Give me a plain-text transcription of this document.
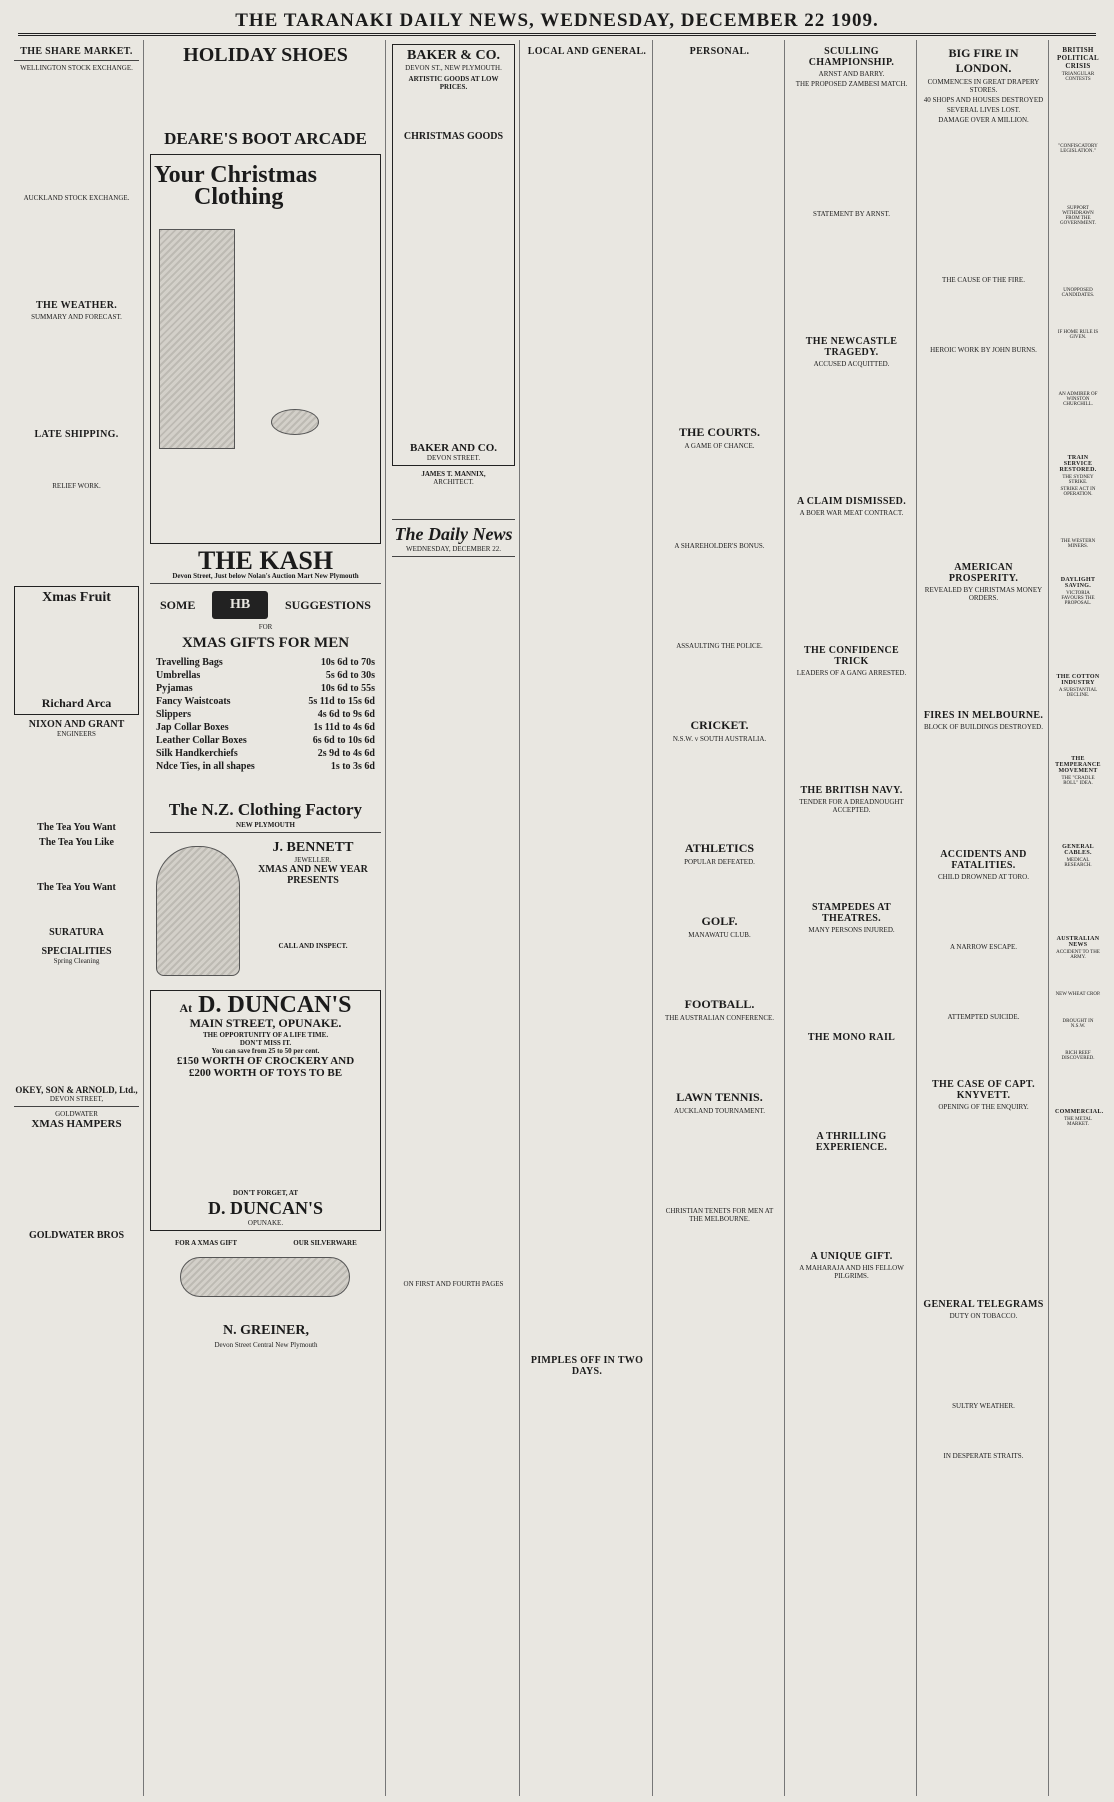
THE TARANAKI DAILY NEWS, WEDNESDAY, DECEMBER 22 1909.
THE SHARE MARKET.
WELLINGTON STOCK EXCHANGE.
AUCKLAND STOCK EXCHANGE.
THE WEATHER.
SUMMARY AND FORECAST.
LATE SHIPPING.
RELIEF WORK.
Xmas Fruit
Richard Arca
NIXON AND GRANT
ENGINEERS
The Tea You Want
The Tea You Like
The Tea You Want
SURATURA
SPECIALITIES
Spring Cleaning
OKEY, SON & ARNOLD, Ltd.,
DEVON STREET,
GOLDWATER
XMAS HAMPERS
GOLDWATER BROS
HOLIDAY SHOES
DEARE'S BOOT ARCADE
Your Christmas
Clothing
THE KASH
Devon Street, Just below Nolan's Auction Mart New Plymouth
SOME	HB	SUGGESTIONS
FOR
XMAS GIFTS FOR MEN
Travelling Bags	10s 6d to 70s
Umbrellas	5s 6d to 30s
Pyjamas	10s 6d to 55s
Fancy Waistcoats	5s 11d to 15s 6d
Slippers	4s 6d to 9s 6d
Jap Collar Boxes	1s 11d to 4s 6d
Leather Collar Boxes	6s 6d to 10s 6d
Silk Handkerchiefs	2s 9d to 4s 6d
Ndce Ties, in all shapes	1s to 3s 6d
The N.Z. Clothing Factory
NEW PLYMOUTH
J. BENNETT
JEWELLER.
XMAS AND NEW YEAR PRESENTS
CALL AND INSPECT.
At D. DUNCAN'S
MAIN STREET, OPUNAKE.
THE OPPORTUNITY OF A LIFE TIME.
DON'T MISS IT.
You can save from 25 to 50 per cent.
£150 WORTH OF CROCKERY AND
£200 WORTH OF TOYS TO BE
DON'T FORGET, AT
D. DUNCAN'S
OPUNAKE.
FOR A XMAS GIFT	OUR SILVERWARE
N. GREINER,
Devon Street Central New Plymouth
BAKER & CO.
DEVON ST., NEW PLYMOUTH.
ARTISTIC GOODS AT LOW PRICES.
CHRISTMAS GOODS
BAKER AND CO.
DEVON STREET.
JAMES T. MANNIX,
ARCHITECT.
The Daily News
WEDNESDAY, DECEMBER 22.
ON FIRST AND FOURTH PAGES
LOCAL AND GENERAL.
PIMPLES OFF IN TWO DAYS.
PERSONAL.
THE COURTS.
A GAME OF CHANCE.
A SHAREHOLDER'S BONUS.
ASSAULTING THE POLICE.
CRICKET.
N.S.W. v SOUTH AUSTRALIA.
ATHLETICS
POPULAR DEFEATED.
GOLF.
MANAWATU CLUB.
FOOTBALL.
THE AUSTRALIAN CONFERENCE.
LAWN TENNIS.
AUCKLAND TOURNAMENT.
CHRISTIAN TENETS FOR MEN AT THE MELBOURNE.
SCULLING CHAMPIONSHIP.
ARNST AND BARRY.
THE PROPOSED ZAMBESI MATCH.
STATEMENT BY ARNST.
THE NEWCASTLE TRAGEDY.
ACCUSED ACQUITTED.
A CLAIM DISMISSED.
A BOER WAR MEAT CONTRACT.
THE CONFIDENCE TRICK
LEADERS OF A GANG ARRESTED.
THE BRITISH NAVY.
TENDER FOR A DREADNOUGHT ACCEPTED.
STAMPEDES AT THEATRES.
MANY PERSONS INJURED.
THE MONO RAIL
A THRILLING EXPERIENCE.
A UNIQUE GIFT.
A MAHARAJA AND HIS FELLOW PILGRIMS.
BIG FIRE IN LONDON.
COMMENCES IN GREAT DRAPERY STORES.
40 SHOPS AND HOUSES DESTROYED
SEVERAL LIVES LOST.
DAMAGE OVER A MILLION.
THE CAUSE OF THE FIRE.
HEROIC WORK BY JOHN BURNS.
AMERICAN PROSPERITY.
REVEALED BY CHRISTMAS MONEY ORDERS.
FIRES IN MELBOURNE.
BLOCK OF BUILDINGS DESTROYED.
ACCIDENTS AND FATALITIES.
CHILD DROWNED AT TORO.
A NARROW ESCAPE.
ATTEMPTED SUICIDE.
THE CASE OF CAPT. KNYVETT.
OPENING OF THE ENQUIRY.
GENERAL TELEGRAMS
DUTY ON TOBACCO.
SULTRY WEATHER.
IN DESPERATE STRAITS.
BRITISH POLITICAL CRISIS
TRIANGULAR CONTESTS
"CONFISCATORY LEGISLATION."
SUPPORT WITHDRAWN FROM THE GOVERNMENT.
UNOPPOSED CANDIDATES.
IF HOME RULE IS GIVEN.
AN ADMIRER OF WINSTON CHURCHILL.
TRAIN SERVICE RESTORED.
THE SYDNEY STRIKE.
STRIKE ACT IN OPERATION.
THE WESTERN MINERS.
DAYLIGHT SAVING.
VICTORIA FAVOURS THE PROPOSAL.
THE COTTON INDUSTRY
A SUBSTANTIAL DECLINE.
THE TEMPERANCE MOVEMENT
THE "CRADLE ROLL" IDEA.
GENERAL CABLES.
MEDICAL RESEARCH.
AUSTRALIAN NEWS
ACCIDENT TO THE ARMY.
NEW WHEAT CROP.
DROUGHT IN N.S.W.
RICH REEF DISCOVERED.
COMMERCIAL.
THE METAL MARKET.
